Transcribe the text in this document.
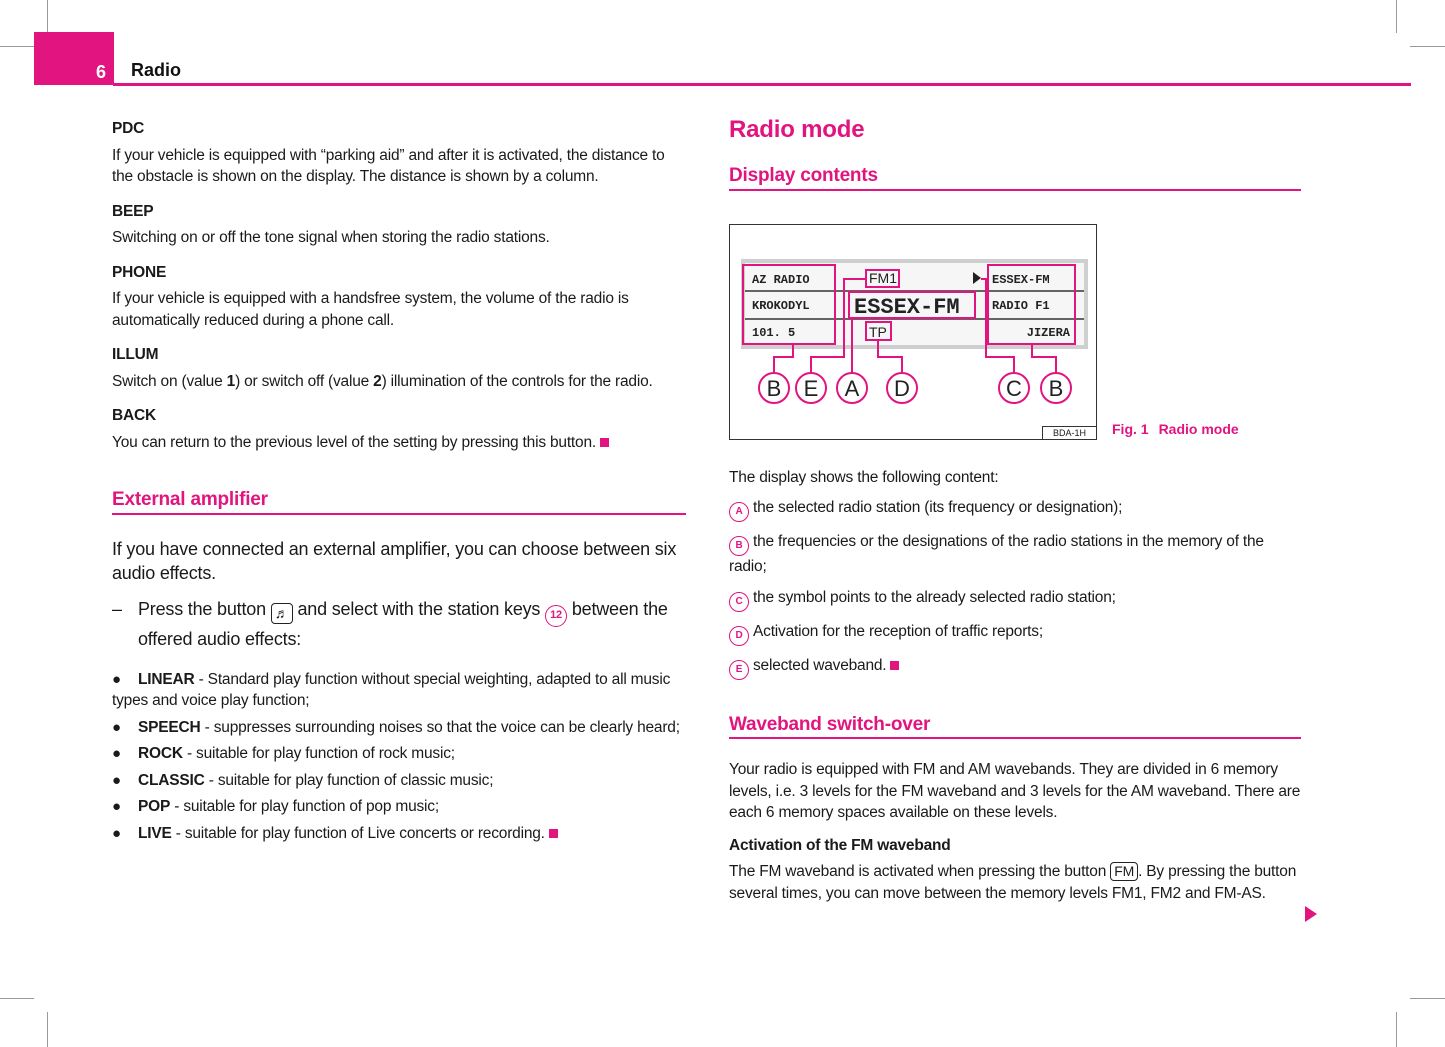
6 Radio
PDC
If your vehicle is equipped with “parking aid” and after it is activated, the distance to the obstacle is shown on the display. The distance is shown by a column.
BEEP
Switching on or off the tone signal when storing the radio stations.
PHONE
If your vehicle is equipped with a handsfree system, the volume of the radio is automatically reduced during a phone call.
ILLUM
Switch on (value 1) or switch off (value 2) illumination of the controls for the radio.
BACK
You can return to the previous level of the setting by pressing this button.
External amplifier
If you have connected an external amplifier, you can choose between six audio effects.
– Press the button ♬ and select with the station keys 12 between the offered audio effects:
● LINEAR - Standard play function without special weighting, adapted to all music types and voice play function;
● SPEECH - suppresses surrounding noises so that the voice can be clearly heard;
● ROCK - suitable for play function of rock music;
● CLASSIC - suitable for play function of classic music;
● POP - suitable for play function of pop music;
● LIVE - suitable for play function of Live concerts or recording.
Radio mode
Display contents
The display shows the following content:
A the selected radio station (its frequency or designation);
B the frequencies or the designations of the radio stations in the memory of the radio;
C the symbol points to the already selected radio station;
D Activation for the reception of traffic reports;
E selected waveband.
Waveband switch-over
Your radio is equipped with FM and AM wavebands. They are divided in 6 memory levels, i.e. 3 levels for the FM waveband and 3 levels for the AM waveband. There are each 6 memory spaces available on these levels.
Activation of the FM waveband
The FM waveband is activated when pressing the button FM . By pressing the button several times, you can move between the memory levels FM1, FM2 and FM-AS.
AZ RADIO
KROKODYL
101. 5
FM1
ESSEX-FM
TP
ESSEX-FM
RADIO F1
JIZERA
B E A D	C B
BDA-1H	Fig. 1 Radio mode
